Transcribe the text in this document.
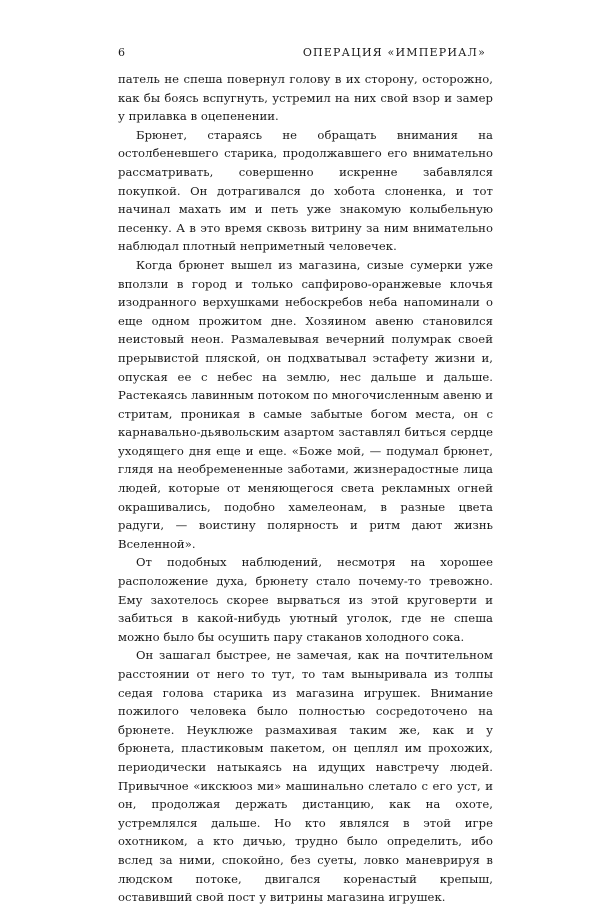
6	ОПЕРАЦИЯ «ИМПЕРИАЛ»

патель не спеша повернул голову в их сторону, осторожно, как бы боясь вспугнуть, устремил на них свой взор и замер у прилавка в оцепенении.

Брюнет, стараясь не обращать внимания на остолбеневшего старика, продолжавшего его внимательно рассматривать, совершенно искренне забавлялся покупкой. Он дотрагивался до хобота слоненка, и тот начинал махать им и петь уже знакомую колыбельную песенку. А в это время сквозь витрину за ним внимательно наблюдал плотный неприметный человечек.

Когда брюнет вышел из магазина, сизые сумерки уже вползли в город и только сапфирово-оранжевые клочья изодранного верхушками небоскребов неба напоминали о еще одном прожитом дне. Хозяином авеню становился неистовый неон. Размалевывая вечерний полумрак своей прерывистой пляской, он подхватывал эстафету жизни и, опуская ее с небес на землю, нес дальше и дальше. Растекаясь лавинным потоком по многочисленным авеню и стритам, проникая в самые забытые богом места, он с карнавально-дьявольским азартом заставлял биться сердце уходящего дня еще и еще. «Боже мой, — подумал брюнет, глядя на необремененные заботами, жизнерадостные лица людей, которые от меняющегося света рекламных огней окрашивались, подобно хамелеонам, в разные цвета радуги, — воистину полярность и ритм дают жизнь Вселенной».

От подобных наблюдений, несмотря на хорошее расположение духа, брюнету стало почему-то тревожно. Ему захотелось скорее вырваться из этой круговерти и забиться в какой-нибудь уютный уголок, где не спеша можно было бы осушить пару стаканов холодного сока.

Он зашагал быстрее, не замечая, как на почтительном расстоянии от него то тут, то там выныривала из толпы седая голова старика из магазина игрушек. Внимание пожилого человека было полностью сосредоточено на брюнете. Неуклюже размахивая таким же, как и у брюнета, пластиковым пакетом, он цеплял им прохожих, периодически натыкаясь на идущих навстречу людей. Привычное «икскюоз ми» машинально слетало с его уст, и он, продолжая держать дистанцию, как на охоте, устремлялся дальше. Но кто являлся в этой игре охотником, а кто дичью, трудно было определить, ибо вслед за ними, спокойно, без суеты, ловко маневрируя в людском потоке, двигался коренастый крепыш, оставивший свой пост у витрины магазина игрушек.
